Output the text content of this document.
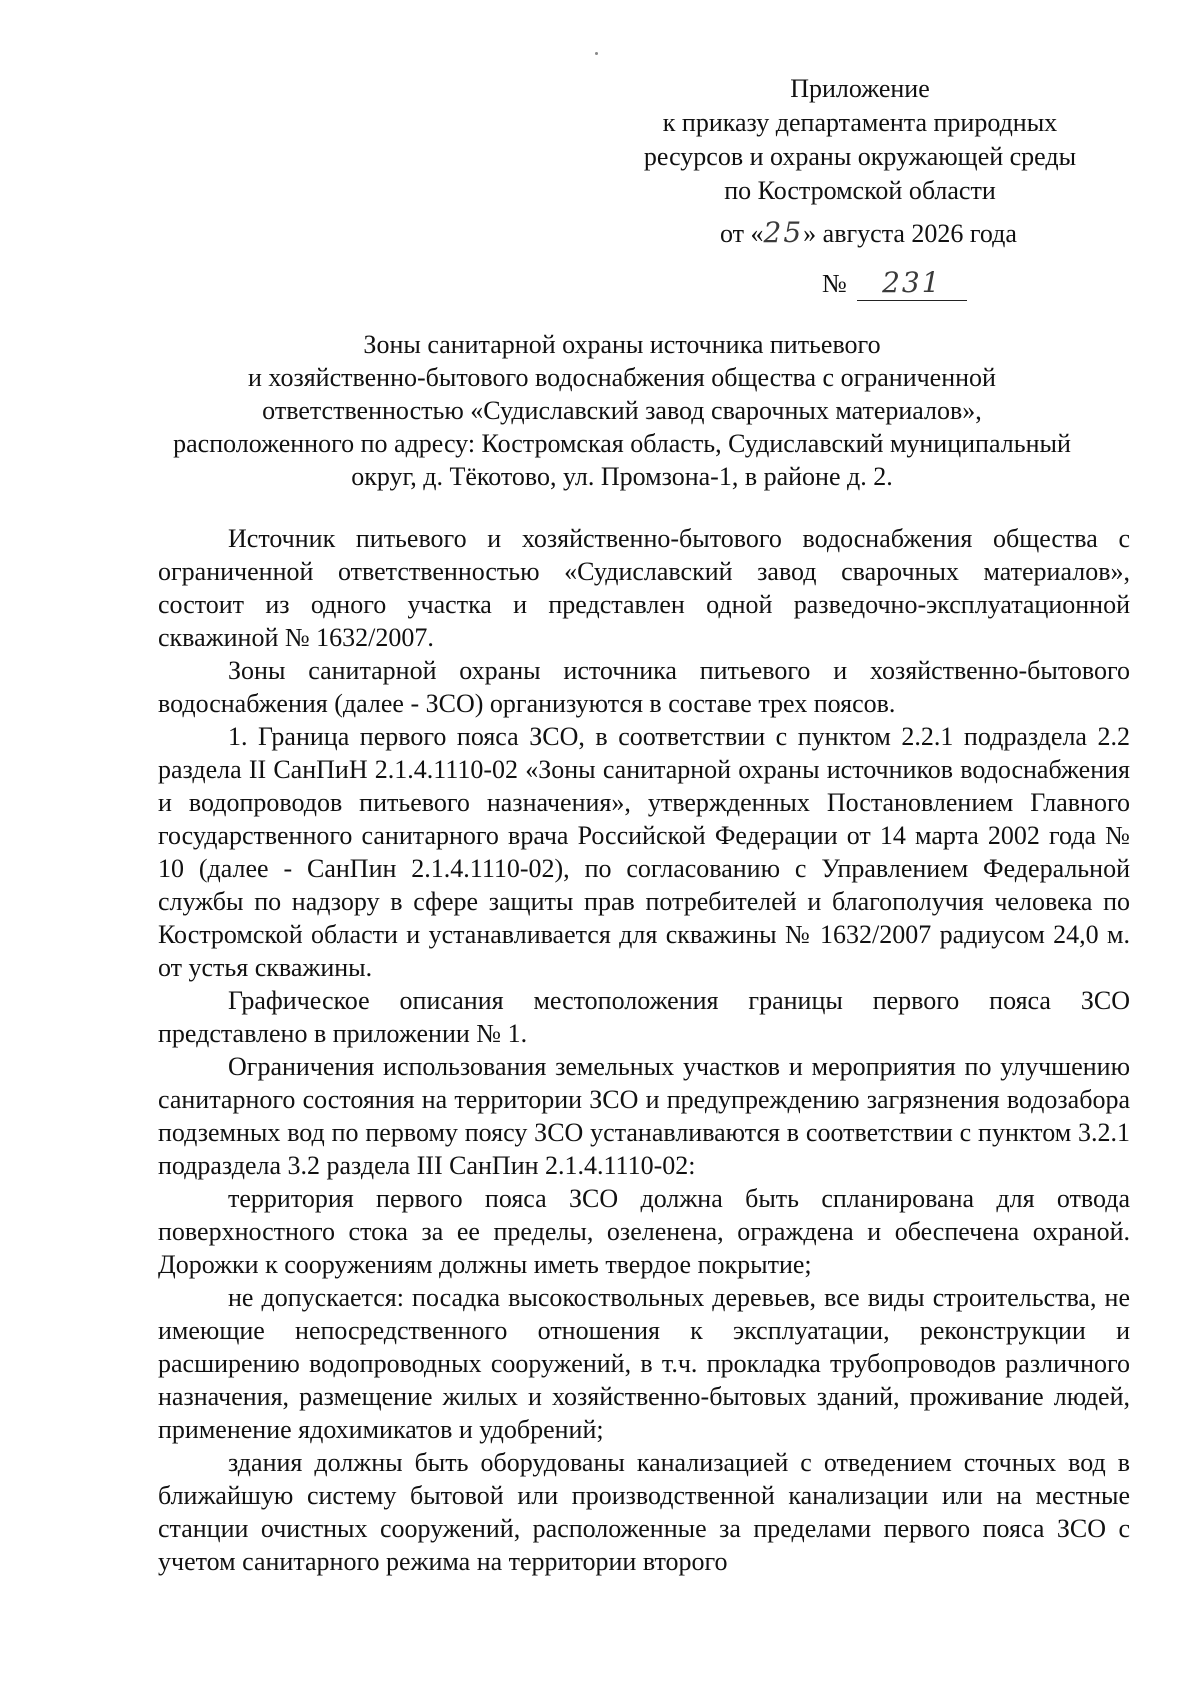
Приложение
к приказу департамента природных
ресурсов и охраны окружающей среды
по Костромской области
от «25» августа 2026 года
№ 231
Зоны санитарной охраны источника питьевого
и хозяйственно-бытового водоснабжения общества с ограниченной
ответственностью «Судиславский завод сварочных материалов»,
расположенного по адресу: Костромская область, Судиславский муниципальный
округ, д. Тёкотово, ул. Промзона-1, в районе д. 2.

Источник питьевого и хозяйственно-бытового водоснабжения общества с ограниченной ответственностью «Судиславский завод сварочных материалов», состоит из одного участка и представлен одной разведочно-эксплуатационной скважиной № 1632/2007.

Зоны санитарной охраны источника питьевого и хозяйственно-бытового водоснабжения (далее - ЗСО) организуются в составе трех поясов.

1. Граница первого пояса ЗСО, в соответствии с пунктом 2.2.1 подраздела 2.2 раздела II СанПиН 2.1.4.1110-02 «Зоны санитарной охраны источников водоснабжения и водопроводов питьевого назначения», утвержденных Постановлением Главного государственного санитарного врача Российской Федерации от 14 марта 2002 года № 10 (далее - СанПин 2.1.4.1110-02), по согласованию с Управлением Федеральной службы по надзору в сфере защиты прав потребителей и благополучия человека по Костромской области и устанавливается для скважины № 1632/2007 радиусом 24,0 м. от устья скважины.

Графическое описания местоположения границы первого пояса ЗСО представлено в приложении № 1.

Ограничения использования земельных участков и мероприятия по улучшению санитарного состояния на территории ЗСО и предупреждению загрязнения водозабора подземных вод по первому поясу ЗСО устанавливаются в соответствии с пунктом 3.2.1 подраздела 3.2 раздела III СанПин 2.1.4.1110-02:

территория первого пояса ЗСО должна быть спланирована для отвода поверхностного стока за ее пределы, озеленена, ограждена и обеспечена охраной. Дорожки к сооружениям должны иметь твердое покрытие;

не допускается: посадка высокоствольных деревьев, все виды строительства, не имеющие непосредственного отношения к эксплуатации, реконструкции и расширению водопроводных сооружений, в т.ч. прокладка трубопроводов различного назначения, размещение жилых и хозяйственно-бытовых зданий, проживание людей, применение ядохимикатов и удобрений;

здания должны быть оборудованы канализацией с отведением сточных вод в ближайшую систему бытовой или производственной канализации или на местные станции очистных сооружений, расположенные за пределами первого пояса ЗСО с учетом санитарного режима на территории второго
